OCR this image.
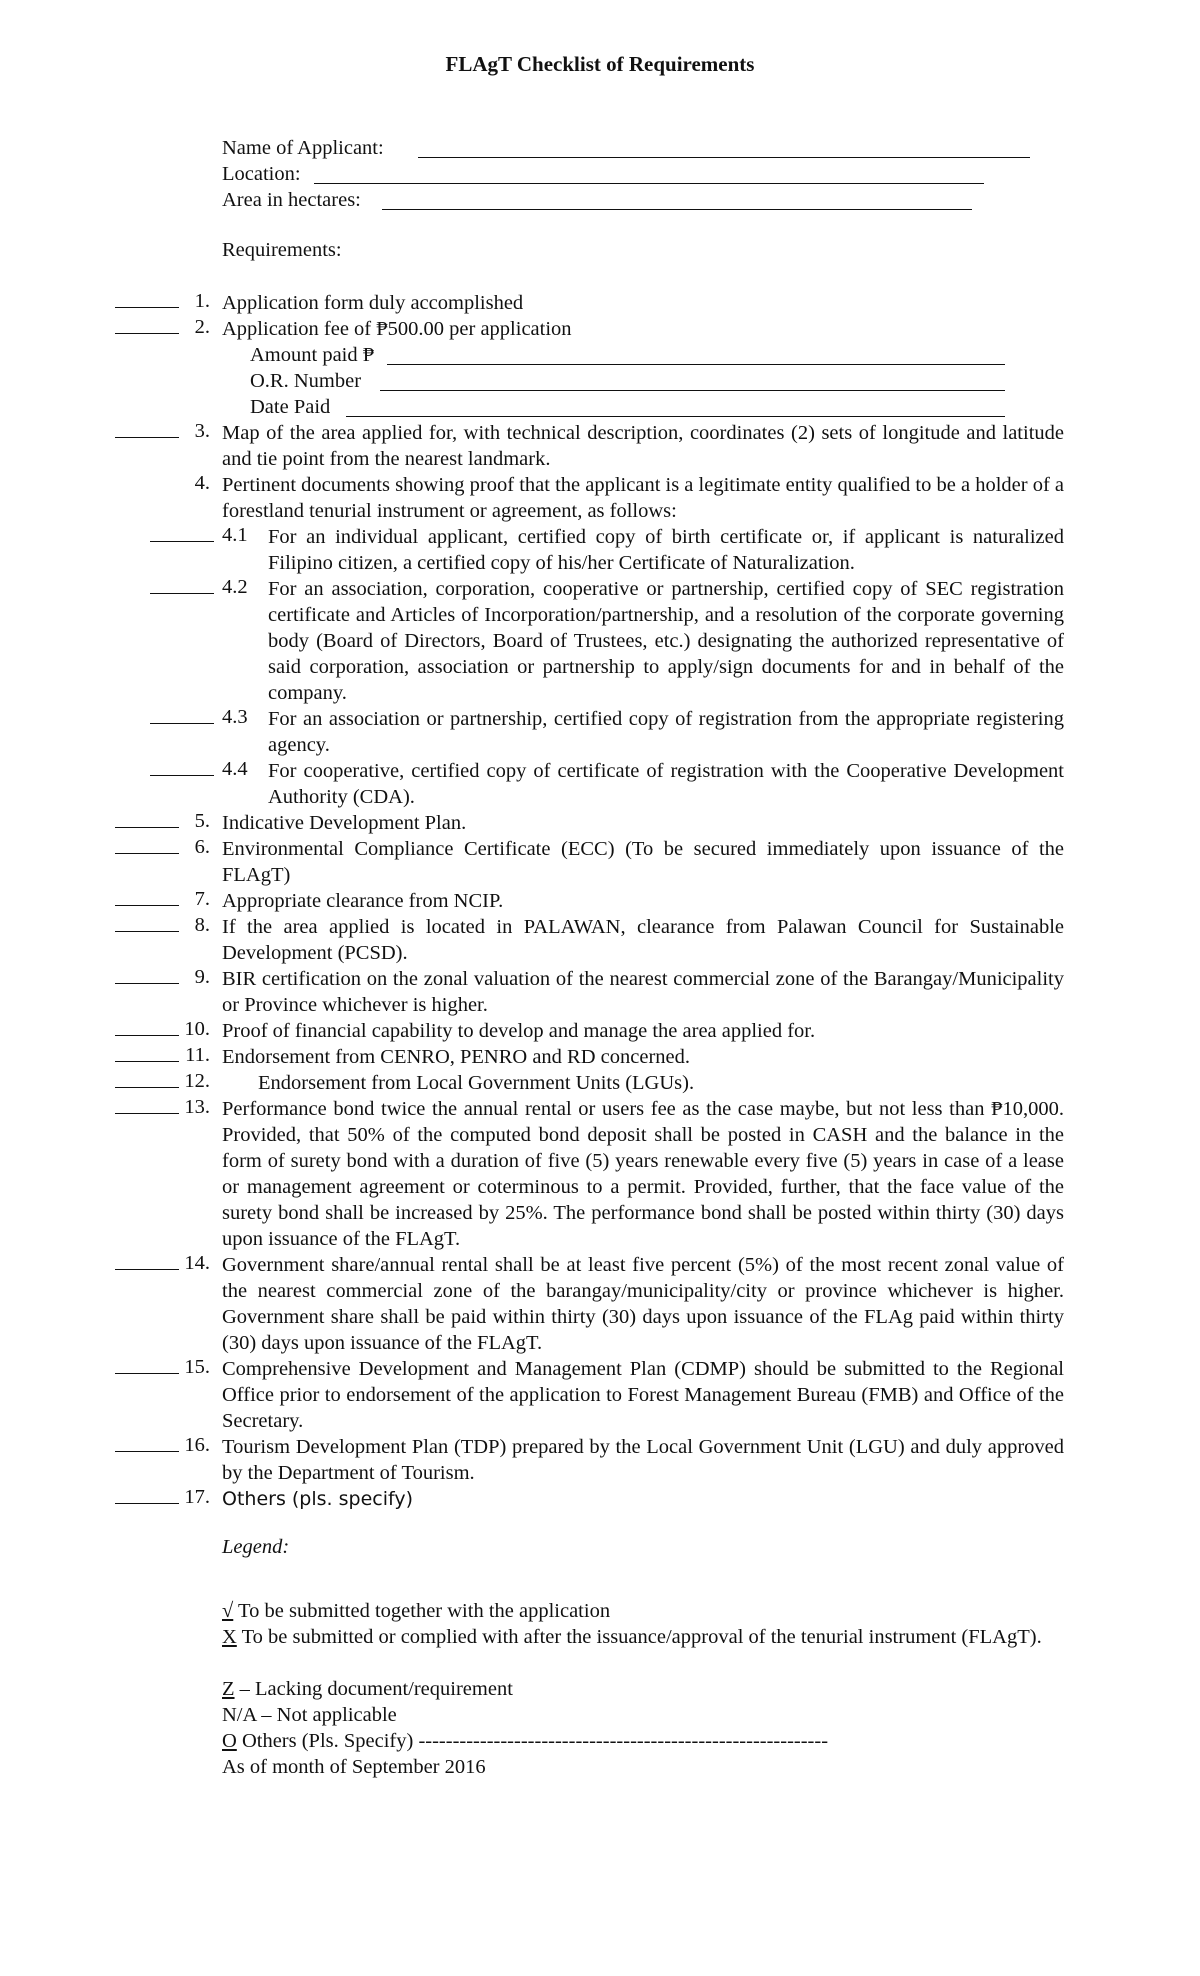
FLAgT Checklist of Requirements
Name of Applicant:
Location:
Area in hectares:
Requirements:
1. Application form duly accomplished
2. Application fee of ₱500.00 per application
Amount paid ₱
O.R. Number
Date Paid
3. Map of the area applied for, with technical description, coordinates (2) sets of longitude and latitude and tie point from the nearest landmark.
4. Pertinent documents showing proof that the applicant is a legitimate entity qualified to be a holder of a forestland tenurial instrument or agreement, as follows:
4.1 For an individual applicant, certified copy of birth certificate or, if applicant is naturalized Filipino citizen, a certified copy of his/her Certificate of Naturalization.
4.2 For an association, corporation, cooperative or partnership, certified copy of SEC registration certificate and Articles of Incorporation/partnership, and a resolution of the corporate governing body (Board of Directors, Board of Trustees, etc.) designating the authorized representative of said corporation, association or partnership to apply/sign documents for and in behalf of the company.
4.3 For an association or partnership, certified copy of registration from the appropriate registering agency.
4.4 For cooperative, certified copy of certificate of registration with the Cooperative Development Authority (CDA).
5. Indicative Development Plan.
6. Environmental Compliance Certificate (ECC) (To be secured immediately upon issuance of the FLAgT)
7. Appropriate clearance from NCIP.
8. If the area applied is located in PALAWAN, clearance from Palawan Council for Sustainable Development (PCSD).
9. BIR certification on the zonal valuation of the nearest commercial zone of the Barangay/Municipality or Province whichever is higher.
10. Proof of financial capability to develop and manage the area applied for.
11. Endorsement from CENRO, PENRO and RD concerned.
12. Endorsement from Local Government Units (LGUs).
13. Performance bond twice the annual rental or users fee as the case maybe, but not less than ₱10,000. Provided, that 50% of the computed bond deposit shall be posted in CASH and the balance in the form of surety bond with a duration of five (5) years renewable every five (5) years in case of a lease or management agreement or coterminous to a permit. Provided, further, that the face value of the surety bond shall be increased by 25%. The performance bond shall be posted within thirty (30) days upon issuance of the FLAgT.
14. Government share/annual rental shall be at least five percent (5%) of the most recent zonal value of the nearest commercial zone of the barangay/municipality/city or province whichever is higher. Government share shall be paid within thirty (30) days upon issuance of the FLAg paid within thirty (30) days upon issuance of the FLAgT.
15. Comprehensive Development and Management Plan (CDMP) should be submitted to the Regional Office prior to endorsement of the application to Forest Management Bureau (FMB) and Office of the Secretary.
16. Tourism Development Plan (TDP) prepared by the Local Government Unit (LGU) and duly approved by the Department of Tourism.
17. Others (pls. specify)
Legend:
√ To be submitted together with the application
X To be submitted or complied with after the issuance/approval of the tenurial instrument (FLAgT).
Z – Lacking document/requirement
N/A – Not applicable
O Others (Pls. Specify) ------------------------------------------------------------
As of month of September 2016
